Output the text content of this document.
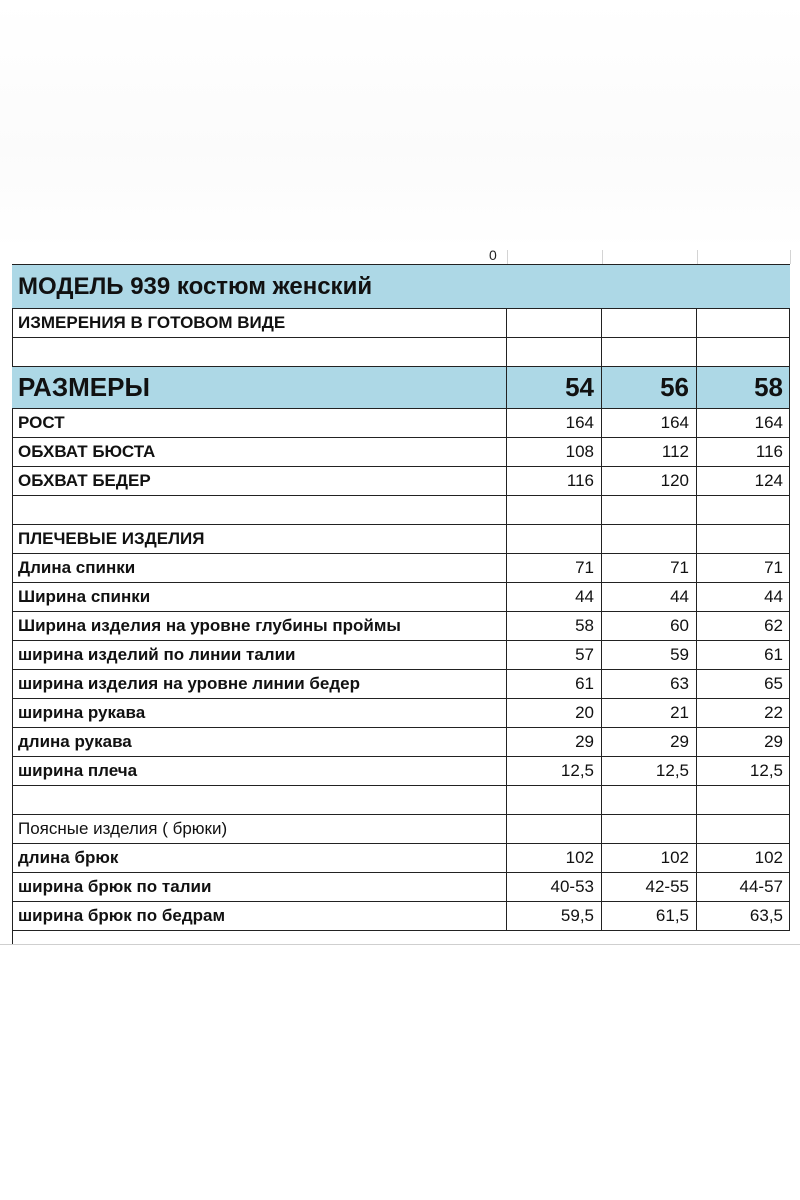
0
МОДЕЛЬ 939 костюм женский
ИЗМЕРЕНИЯ В ГОТОВОМ ВИДЕ
РАЗМЕРЫ	54	56	58
РОСТ	164	164	164
ОБХВАТ БЮСТА	108	112	116
ОБХВАТ БЕДЕР	116	120	124
ПЛЕЧЕВЫЕ ИЗДЕЛИЯ
Длина спинки	71	71	71
Ширина спинки	44	44	44
Ширина изделия на уровне глубины проймы	58	60	62
ширина изделий по линии талии	57	59	61
ширина изделия на уровне линии бедер	61	63	65
ширина рукава	20	21	22
длина рукава	29	29	29
ширина плеча	12,5	12,5	12,5
Поясные изделия ( брюки)
длина брюк	102	102	102
ширина брюк по талии	40-53	42-55	44-57
ширина брюк по бедрам	59,5	61,5	63,5
